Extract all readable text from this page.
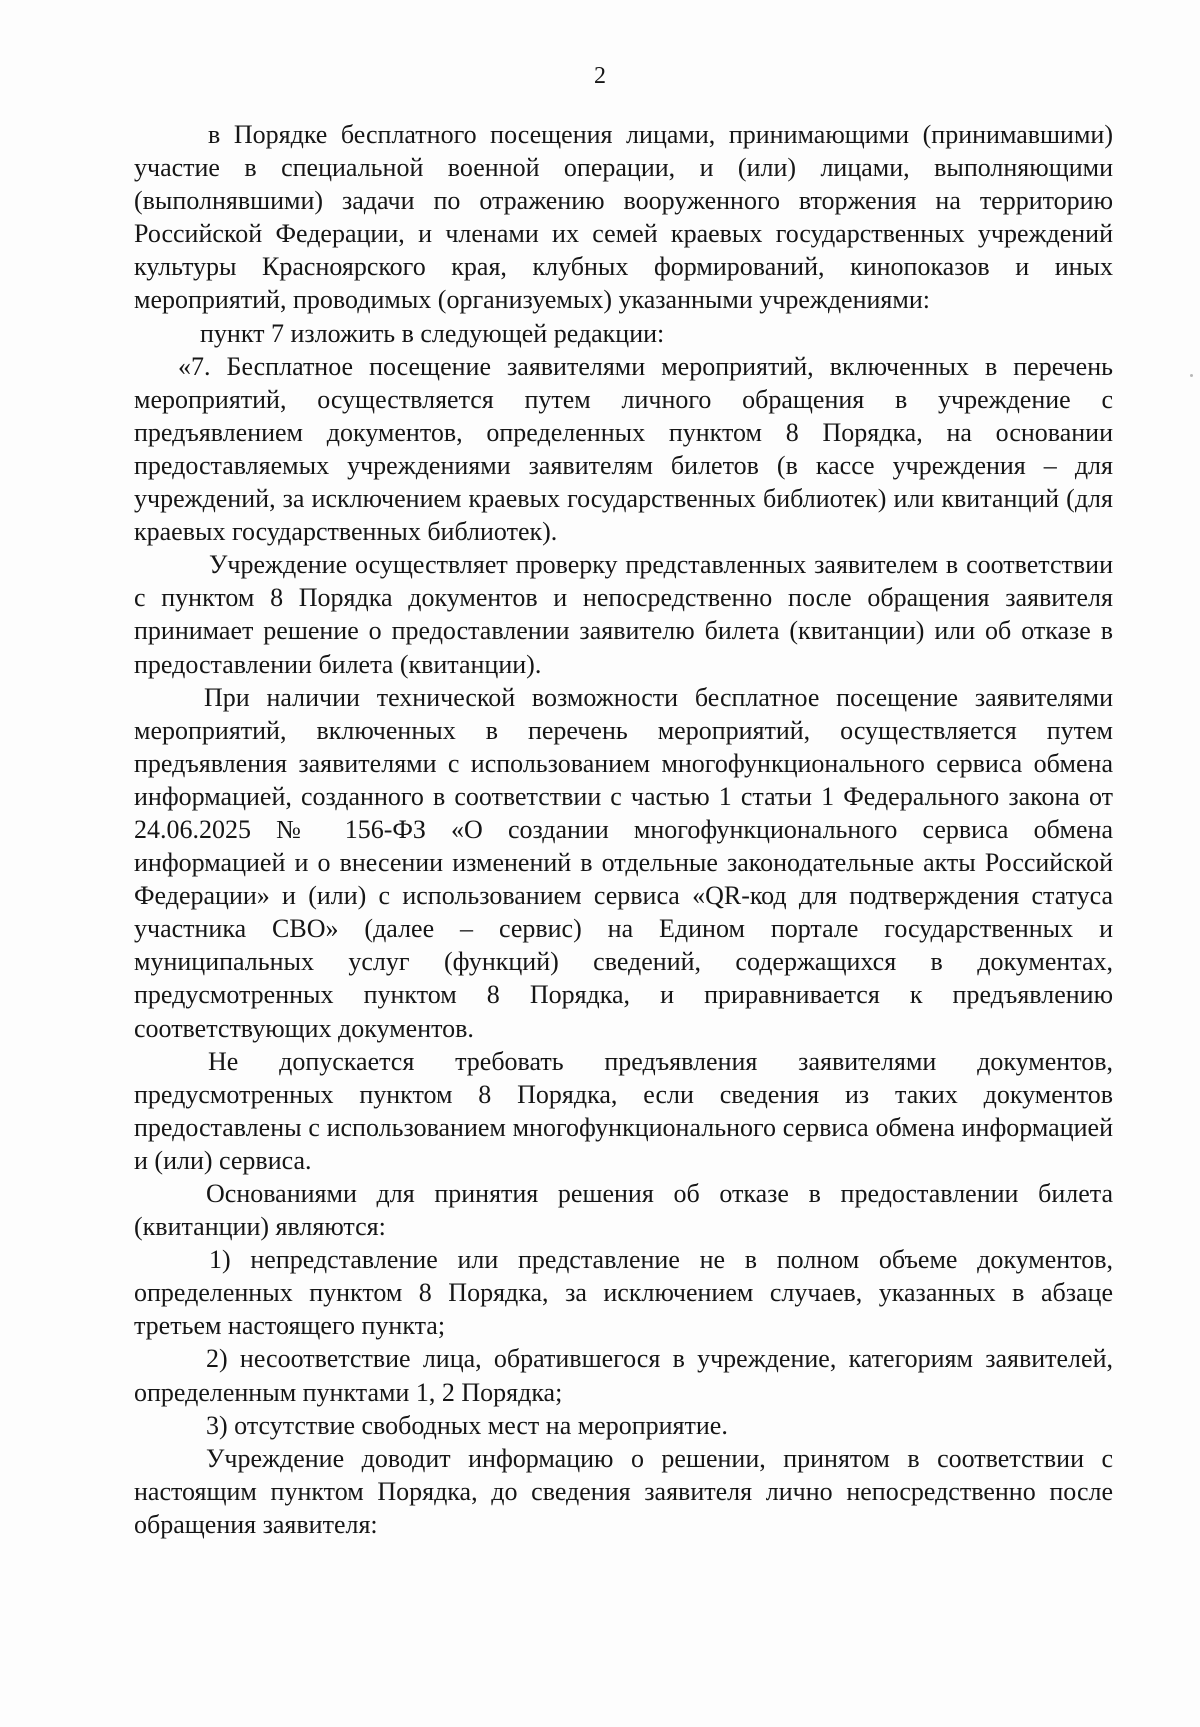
2

в Порядке бесплатного посещения лицами, принимающими (принимавшими) участие в специальной военной операции, и (или) лицами, выполняющими (выполнявшими) задачи по отражению вооруженного вторжения на территорию Российской Федерации, и членами их семей краевых государственных учреждений культуры Красноярского края, клубных формирований, кинопоказов и иных мероприятий, проводимых (организуемых) указанными учреждениями:

пункт 7 изложить в следующей редакции:

«7. Бесплатное посещение заявителями мероприятий, включенных в перечень мероприятий, осуществляется путем личного обращения в учреждение с предъявлением документов, определенных пунктом 8 Порядка, на основании предоставляемых учреждениями заявителям билетов (в кассе учреждения – для учреждений, за исключением краевых государственных библиотек) или квитанций (для краевых государственных библиотек).

Учреждение осуществляет проверку представленных заявителем в соответствии с пунктом 8 Порядка документов и непосредственно после обращения заявителя принимает решение о предоставлении заявителю билета (квитанции) или об отказе в предоставлении билета (квитанции).

При наличии технической возможности бесплатное посещение заявителями мероприятий, включенных в перечень мероприятий, осуществляется путем предъявления заявителями с использованием многофункционального сервиса обмена информацией, созданного в соответствии с частью 1 статьи 1 Федерального закона от 24.06.2025 № 156-ФЗ «О создании многофункционального сервиса обмена информацией и о внесении изменений в отдельные законодательные акты Российской Федерации» и (или) с использованием сервиса «QR-код для подтверждения статуса участника СВО» (далее – сервис) на Едином портале государственных и муниципальных услуг (функций) сведений, содержащихся в документах, предусмотренных пунктом 8 Порядка, и приравнивается к предъявлению соответствующих документов.

Не допускается требовать предъявления заявителями документов, предусмотренных пунктом 8 Порядка, если сведения из таких документов предоставлены с использованием многофункционального сервиса обмена информацией и (или) сервиса.

Основаниями для принятия решения об отказе в предоставлении билета (квитанции) являются:

1) непредставление или представление не в полном объеме документов, определенных пунктом 8 Порядка, за исключением случаев, указанных в абзаце третьем настоящего пункта;

2) несоответствие лица, обратившегося в учреждение, категориям заявителей, определенным пунктами 1, 2 Порядка;

3) отсутствие свободных мест на мероприятие.

Учреждение доводит информацию о решении, принятом в соответствии с настоящим пунктом Порядка, до сведения заявителя лично непосредственно после обращения заявителя:
